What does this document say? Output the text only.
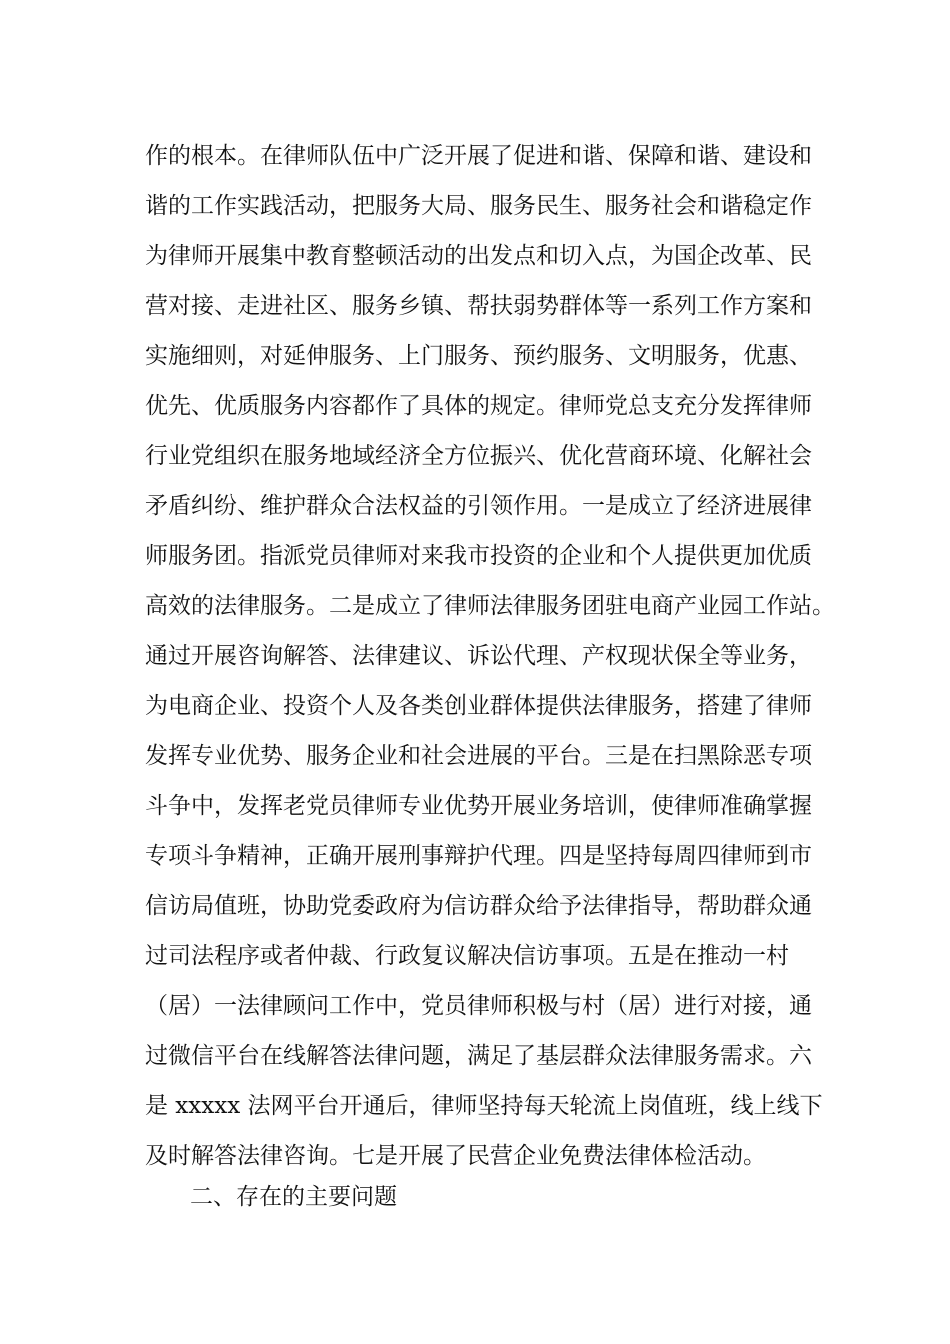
作的根本。在律师队伍中广泛开展了促进和谐、保障和谐、建设和
谐的工作实践活动，把服务大局、服务民生、服务社会和谐稳定作
为律师开展集中教育整顿活动的出发点和切入点，为国企改革、民
营对接、走进社区、服务乡镇、帮扶弱势群体等一系列工作方案和
实施细则，对延伸服务、上门服务、预约服务、文明服务，优惠、
优先、优质服务内容都作了具体的规定。律师党总支充分发挥律师
行业党组织在服务地域经济全方位振兴、优化营商环境、化解社会
矛盾纠纷、维护群众合法权益的引领作用。一是成立了经济进展律
师服务团。指派党员律师对来我市投资的企业和个人提供更加优质
高效的法律服务。二是成立了律师法律服务团驻电商产业园工作站。
通过开展咨询解答、法律建议、诉讼代理、产权现状保全等业务，
为电商企业、投资个人及各类创业群体提供法律服务，搭建了律师
发挥专业优势、服务企业和社会进展的平台。三是在扫黑除恶专项
斗争中，发挥老党员律师专业优势开展业务培训，使律师准确掌握
专项斗争精神，正确开展刑事辩护代理。四是坚持每周四律师到市
信访局值班，协助党委政府为信访群众给予法律指导，帮助群众通
过司法程序或者仲裁、行政复议解决信访事项。五是在推动一村
（居）一法律顾问工作中，党员律师积极与村（居）进行对接，通
过微信平台在线解答法律问题，满足了基层群众法律服务需求。六
是 xxxxx 法网平台开通后，律师坚持每天轮流上岗值班，线上线下
及时解答法律咨询。七是开展了民营企业免费法律体检活动。
二、存在的主要问题
